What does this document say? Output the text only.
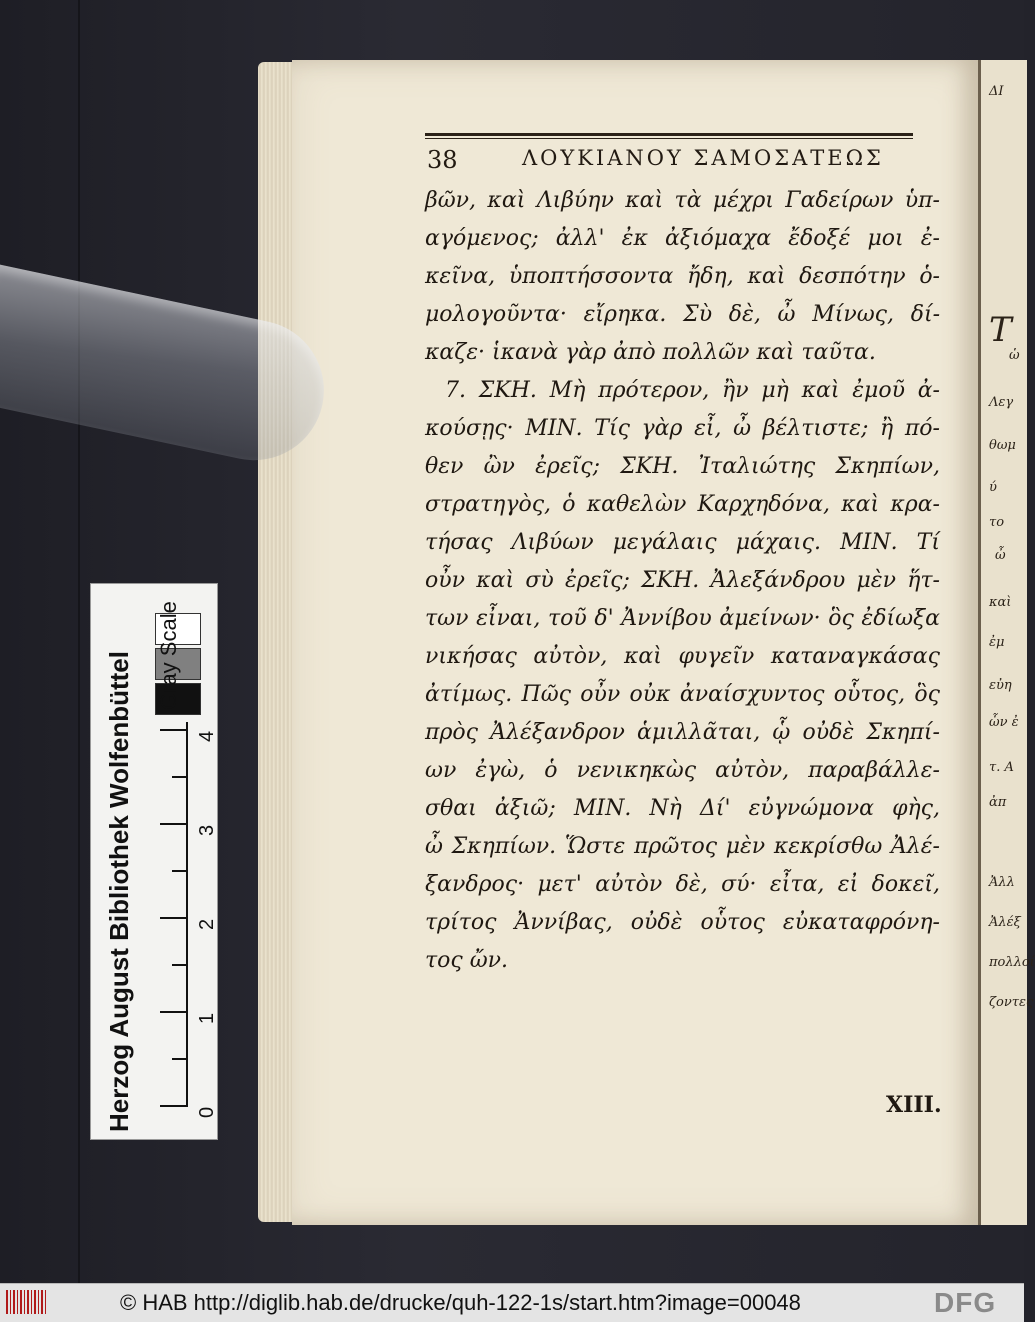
ΔΙ
Τ
ὡ
Λεγ
θωμ
ύ
το
ὦ
καὶ
ἐμ
εὐη
ὧν ἐ
τ. Α
ἀπ
Ἀλλ
Ἀλέξ
πολλοί
ζοντες
38	ΛΟΥΚΙΑΝΟΥ ΣΑΜΟΣΑΤΕΩΣ
βῶν, καὶ Λιβύην καὶ τὰ μέχρι Γαδείρων ὑπ-
αγόμενος; ἀλλ' ἐκ ἀξιόμαχα ἔδοξέ μοι ἐ-
κεῖνα, ὑποπτήσσοντα ἤδη, καὶ δεσπότην ὁ-
μολογοῦντα· εἴρηκα. Σὺ δὲ, ὦ Μίνως, δί-
καζε· ἱκανὰ γὰρ ἀπὸ πολλῶν καὶ ταῦτα.
7. ΣΚΗ. Μὴ πρότερον, ἢν μὴ καὶ ἐμοῦ ἀ-
κούσῃς· ΜΙΝ. Τίς γὰρ εἶ, ὦ βέλτιστε; ἢ πό-
θεν ὢν ἐρεῖς; ΣΚΗ. Ἰταλιώτης Σκηπίων,
στρατηγὸς, ὁ καθελὼν Καρχηδόνα, καὶ κρα-
τήσας Λιβύων μεγάλαις μάχαις. ΜΙΝ. Τί
οὖν καὶ σὺ ἐρεῖς; ΣΚΗ. Ἀλεξάνδρου μὲν ἥτ-
των εἶναι, τοῦ δ' Ἀννίβου ἀμείνων· ὃς ἐδίωξα
νικήσας αὐτὸν, καὶ φυγεῖν καταναγκάσας
ἀτίμως. Πῶς οὖν οὐκ ἀναίσχυντος οὗτος, ὃς
πρὸς Ἀλέξανδρον ἁμιλλᾶται, ᾧ οὐδὲ Σκηπί-
ων ἐγὼ, ὁ νενικηκὼς αὐτὸν, παραβάλλε-
σθαι ἀξιῶ; ΜΙΝ. Νὴ Δί' εὐγνώμονα φὴς,
ὦ Σκηπίων. Ὥστε πρῶτος μὲν κεκρίσθω Ἀλέ-
ξανδρος· μετ' αὐτὸν δὲ, σύ· εἶτα, εἰ δοκεῖ,
τρίτος Ἀννίβας, οὐδὲ οὗτος εὐκαταφρόνη-
τος ὤν.
XIII.
Herzog August Bibliothek Wolfenbüttel Gray Scale
0
1
2
3
4
© HAB http://diglib.hab.de/drucke/quh-122-1s/start.htm?image=00048	DFG
